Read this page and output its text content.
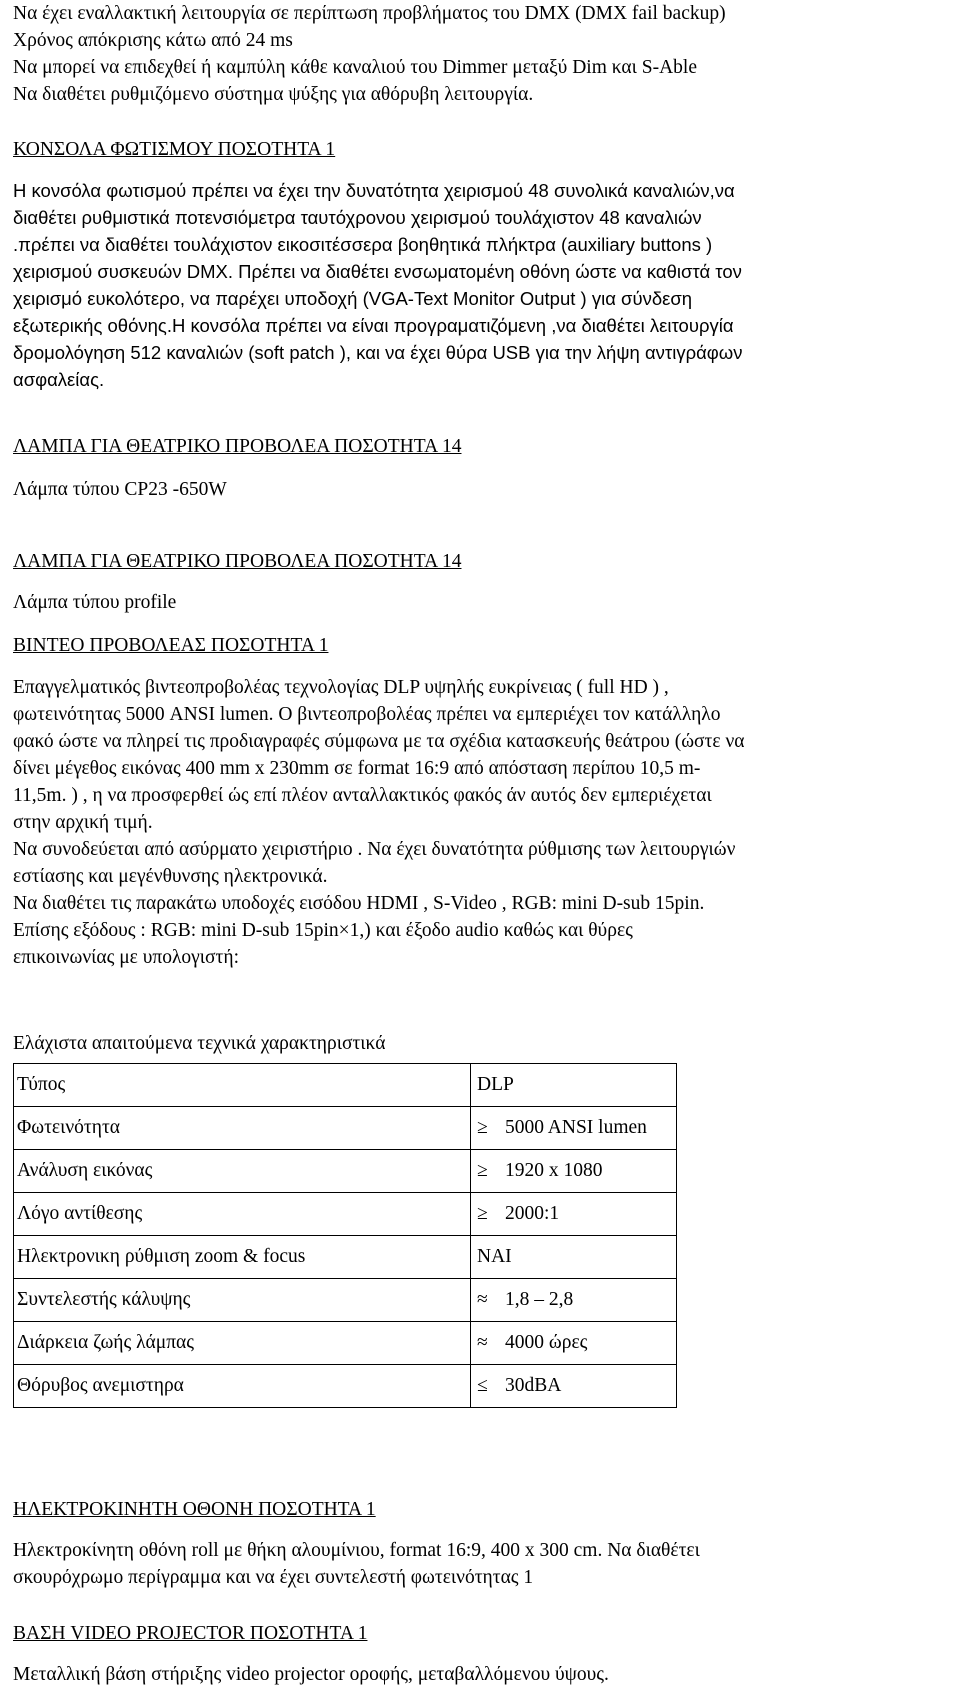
Να έχει εναλλακτική λειτουργία σε περίπτωση προβλήματος του DMX (DMX fail backup)
Χρόνος απόκρισης κάτω από 24 ms
Να μπορεί να επιδεχθεί ή καμπύλη κάθε καναλιού του Dimmer μεταξύ Dim και S-Able
Να διαθέτει ρυθμιζόμενο σύστημα ψύξης για αθόρυβη λειτουργία.
ΚΟΝΣΟΛΑ ΦΩΤΙΣΜΟΥ ΠΟΣΟΤΗΤΑ 1
Η κονσόλα φωτισμού πρέπει να έχει την δυνατότητα χειρισμού 48 συνολικά καναλιών,να
διαθέτει ρυθμιστικά ποτενσιόμετρα ταυτόχρονου χειρισμού τουλάχιστον 48 καναλιών
.πρέπει να διαθέτει τουλάχιστον εικοσιτέσσερα βοηθητικά πλήκτρα (auxiliary buttons )
χειρισμού συσκευών DMX. Πρέπει να διαθέτει ενσωματομένη οθόνη ώστε να καθιστά τον
χειρισμό ευκολότερο, να παρέχει υποδοχή (VGA-Text Monitor Output ) για σύνδεση
εξωτερικής οθόνης.Η κονσόλα πρέπει να είναι προγραματιζόμενη ,να διαθέτει λειτουργία
δρομολόγηση 512 καναλιών (soft patch ), και να έχει θύρα USB για την λήψη αντιγράφων
ασφαλείας.
ΛΑΜΠΑ ΓΙΑ ΘΕΑΤΡΙΚΟ ΠΡΟΒΟΛΕΑ ΠΟΣΟΤΗΤΑ 14
Λάμπα τύπου CP23 -650W
ΛΑΜΠΑ ΓΙΑ ΘΕΑΤΡΙΚΟ ΠΡΟΒΟΛΕΑ ΠΟΣΟΤΗΤΑ 14
Λάμπα τύπου profile
ΒΙΝΤΕΟ ΠΡΟΒΟΛΕΑΣ ΠΟΣΟΤΗΤΑ 1
Επαγγελματικός βιντεοπροβολέας τεχνολογίας DLP υψηλής ευκρίνειας ( full HD ) ,
φωτεινότητας 5000 ANSI lumen. Ο βιντεοπροβολέας πρέπει να εμπεριέχει τον κατάλληλο
φακό ώστε να πληρεί τις προδιαγραφές σύμφωνα με τα σχέδια κατασκευής θεάτρου (ώστε να
δίνει μέγεθος εικόνας 400 mm x 230mm σε format 16:9 από απόσταση περίπου 10,5 m-
11,5m. ) , η να προσφερθεί ώς επί πλέον ανταλλακτικός φακός άν αυτός δεν εμπεριέχεται
στην αρχική τιμή.
Να συνοδεύεται από ασύρματο χειριστήριο . Να έχει δυνατότητα ρύθμισης των λειτουργιών
εστίασης και μεγένθυνσης ηλεκτρονικά.
Να διαθέτει τις παρακάτω υποδοχές εισόδου HDMI , S-Video , RGB: mini D-sub 15pin.
Επίσης εξόδους : RGB: mini D-sub 15pin×1,) και έξοδο audio καθώς και θύρες
επικοινωνίας με υπολογιστή:
Ελάχιστα απαιτούμενα τεχνικά χαρακτηριστικά
Τύπος	DLP
Φωτεινότητα	≥ 5000 ANSI lumen
Ανάλυση εικόνας	≥ 1920 x 1080
Λόγο αντίθεσης	≥ 2000:1
Ηλεκτρονικη ρύθμιση zoom & focus	ΝΑΙ
Συντελεστής κάλυψης	≈ 1,8 – 2,8
Διάρκεια ζωής λάμπας	≈ 4000 ώρες
Θόρυβος ανεμιστηρα	≤ 30dBA
ΗΛΕΚΤΡΟΚΙΝΗΤΗ ΟΘΟΝΗ ΠΟΣΟΤΗΤΑ 1
Ηλεκτροκίνητη οθόνη roll με θήκη αλουμίνιου, format 16:9, 400 x 300 cm. Να διαθέτει
σκουρόχρωμο περίγραμμα και να έχει συντελεστή φωτεινότητας 1
ΒΑΣΗ VIDEO PROJECTOR ΠΟΣΟΤΗΤΑ 1
Μεταλλική βάση στήριξης video projector οροφής, μεταβαλλόμενου ύψους.
